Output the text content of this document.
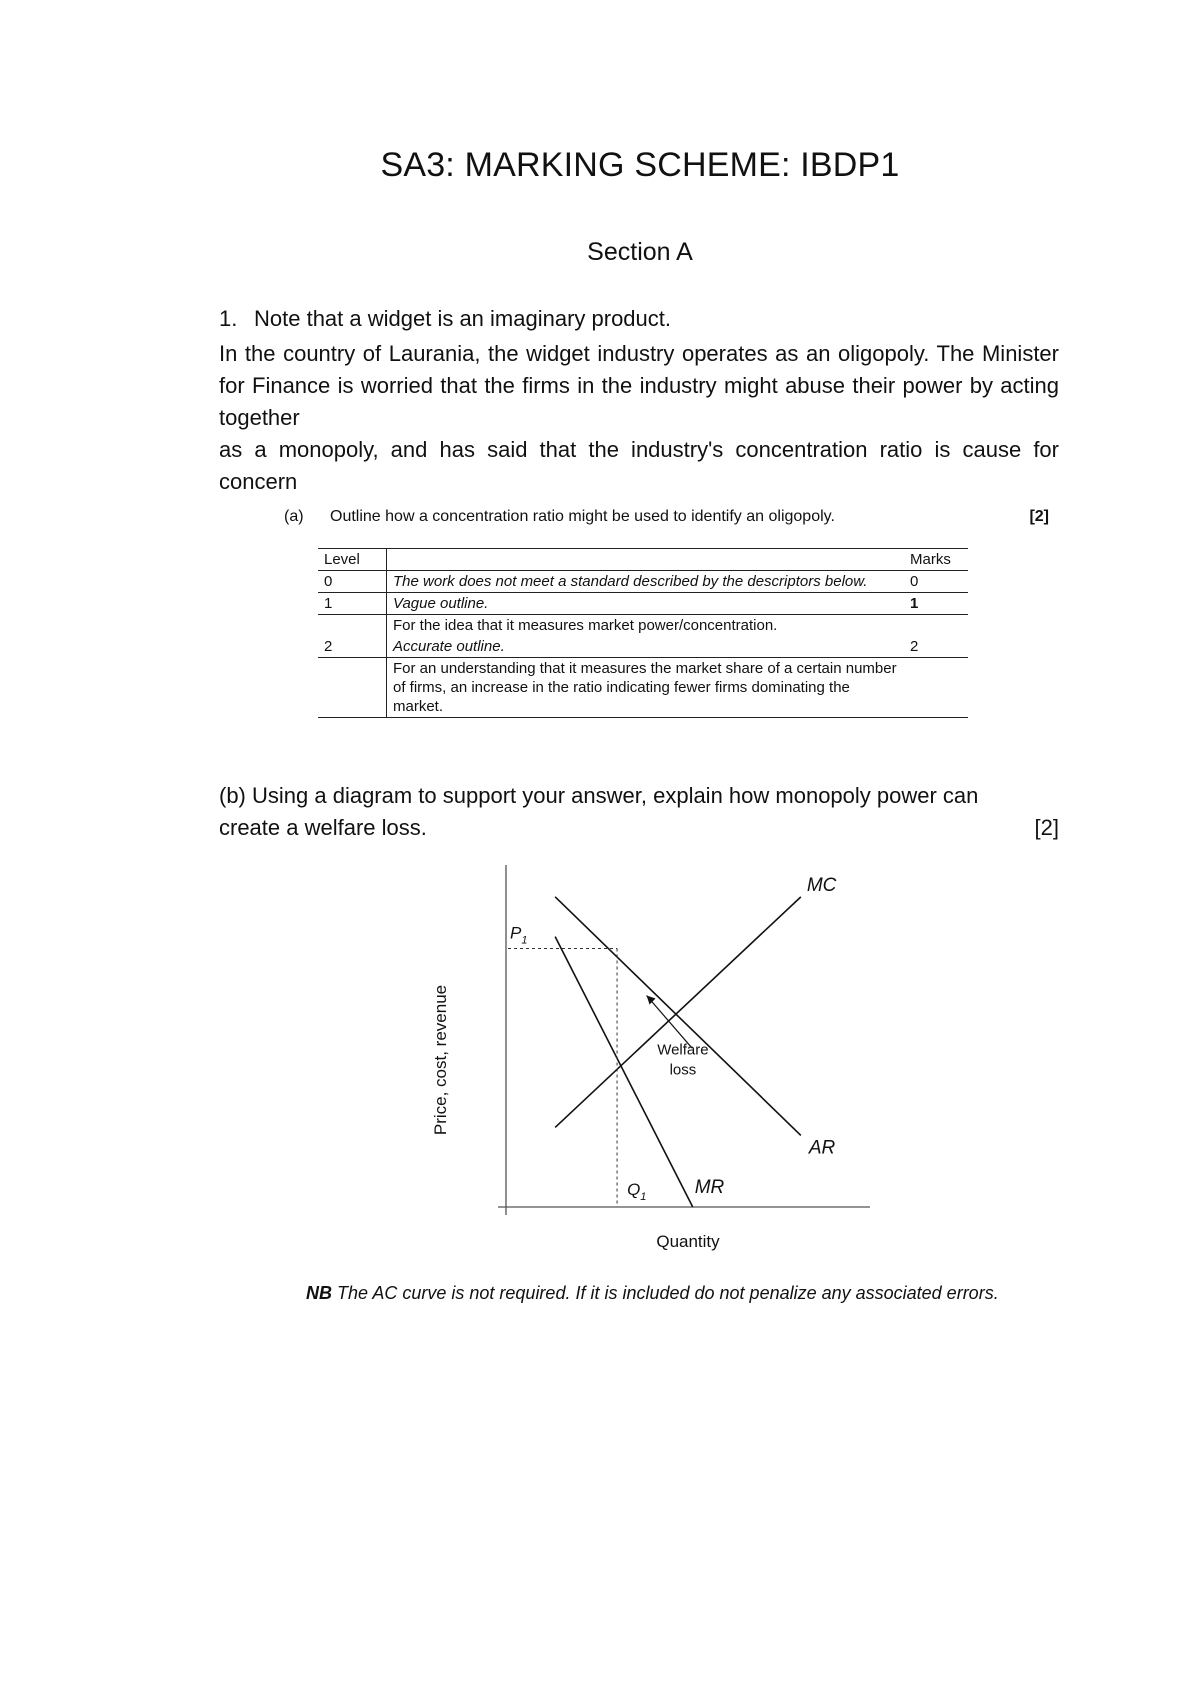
SA3: MARKING SCHEME: IBDP1
Section A
1. Note that a widget is an imaginary product.
In the country of Laurania, the widget industry operates as an oligopoly. The Minister for Finance is worried that the firms in the industry might abuse their power by acting together
as a monopoly, and has said that the industry's concentration ratio is cause for concern
(a) Outline how a concentration ratio might be used to identify an oligopoly.	[2]
Level		Marks
0	The work does not meet a standard described by the descriptors below.	0
1	Vague outline.	1
	For the idea that it measures market power/concentration.	
2	Accurate outline.	2
	For an understanding that it measures the market share of a certain number of firms, an increase in the ratio indicating fewer firms dominating the market.	
(b) Using a diagram to support your answer, explain how monopoly power can
create a welfare loss.	[2]
MC
AR
MR
$P_1$
$Q_1$
Welfare
loss
Quantity
Price, cost, revenue
NB The AC curve is not required. If it is included do not penalize any associated errors.
